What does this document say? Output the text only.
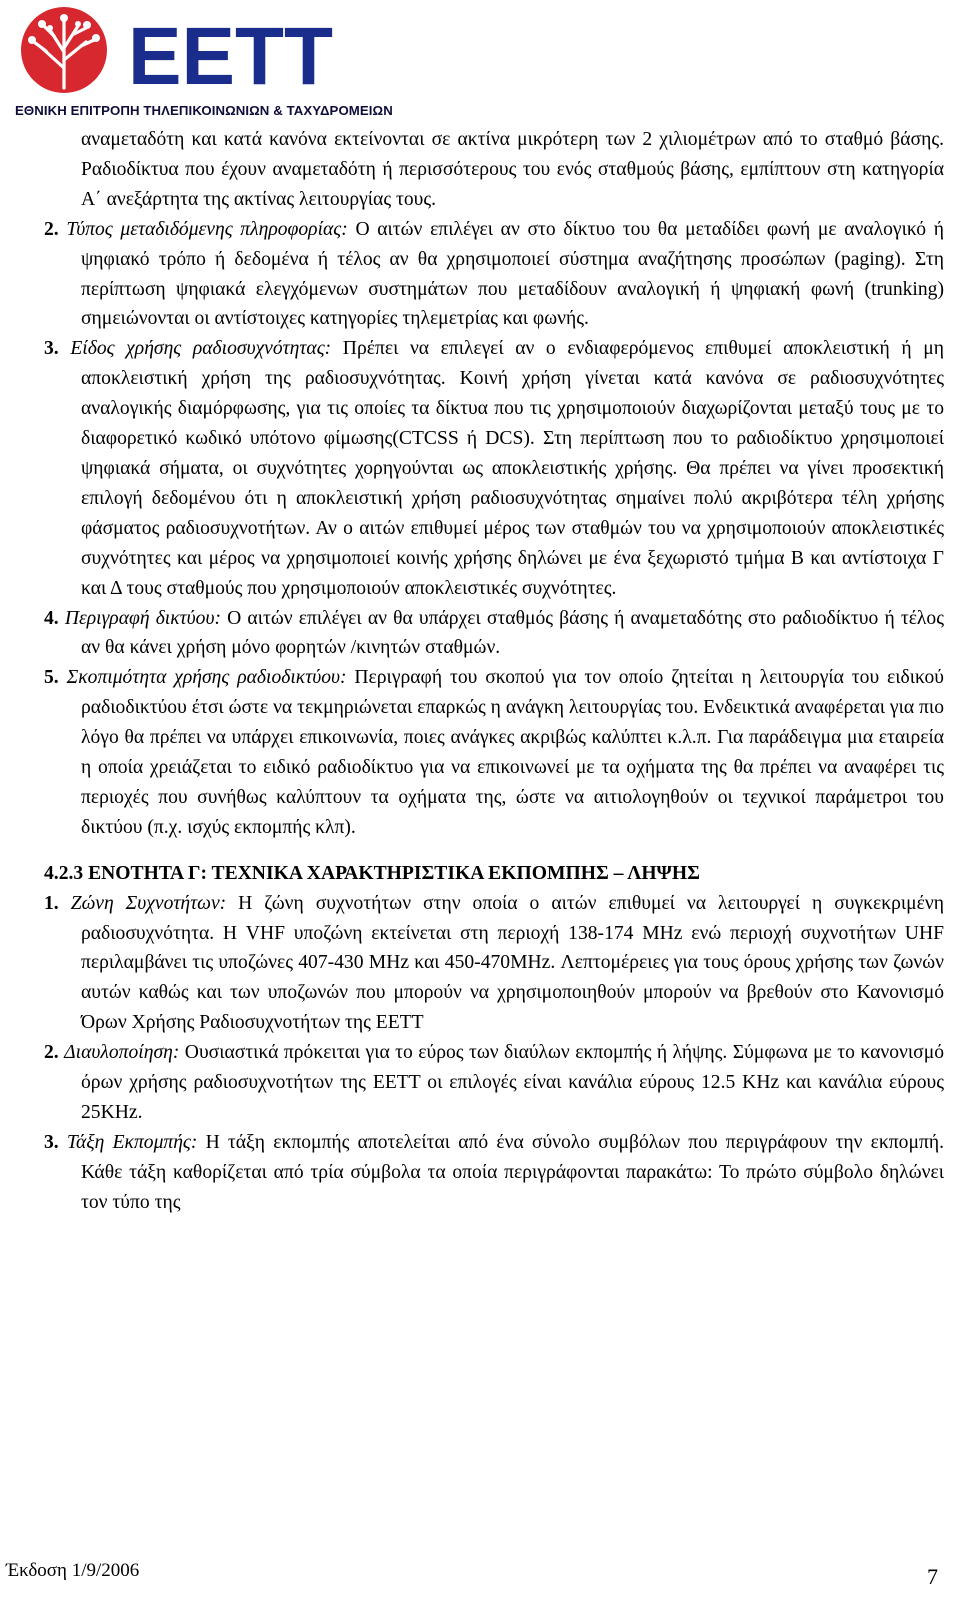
ΕΕΤΤ
ΕΘΝΙΚΗ ΕΠΙΤΡΟΠΗ ΤΗΛΕΠΙΚΟΙΝΩΝΙΩΝ & ΤΑΧΥΔΡΟΜΕΙΩΝ

αναμεταδότη και κατά κανόνα εκτείνονται σε ακτίνα μικρότερη των 2 χιλιομέτρων από το σταθμό βάσης. Ραδιοδίκτυα που έχουν αναμεταδότη ή περισσότερους του ενός σταθμούς βάσης, εμπίπτουν στη κατηγορία Α΄ ανεξάρτητα της ακτίνας λειτουργίας τους.

2. Τύπος μεταδιδόμενης πληροφορίας: Ο αιτών επιλέγει αν στο δίκτυο του θα μεταδίδει φωνή με αναλογικό ή ψηφιακό τρόπο ή δεδομένα ή τέλος αν θα χρησιμοποιεί σύστημα αναζήτησης προσώπων (paging). Στη περίπτωση ψηφιακά ελεγχόμενων συστημάτων που μεταδίδουν αναλογική ή ψηφιακή φωνή (trunking) σημειώνονται οι αντίστοιχες κατηγορίες τηλεμετρίας και φωνής.

3. Είδος χρήσης ραδιοσυχνότητας: Πρέπει να επιλεγεί αν ο ενδιαφερόμενος επιθυμεί αποκλειστική ή μη αποκλειστική χρήση της ραδιοσυχνότητας. Κοινή χρήση γίνεται κατά κανόνα σε ραδιοσυχνότητες αναλογικής διαμόρφωσης, για τις οποίες τα δίκτυα που τις χρησιμοποιούν διαχωρίζονται μεταξύ τους με το διαφορετικό κωδικό υπότονο φίμωσης(CTCSS ή DCS). Στη περίπτωση που το ραδιοδίκτυο χρησιμοποιεί ψηφιακά σήματα, οι συχνότητες χορηγούνται ως αποκλειστικής χρήσης. Θα πρέπει να γίνει προσεκτική επιλογή δεδομένου ότι η αποκλειστική χρήση ραδιοσυχνότητας σημαίνει πολύ ακριβότερα τέλη χρήσης φάσματος ραδιοσυχνοτήτων. Αν ο αιτών επιθυμεί μέρος των σταθμών του να χρησιμοποιούν αποκλειστικές συχνότητες και μέρος να χρησιμοποιεί κοινής χρήσης δηλώνει με ένα ξεχωριστό τμήμα Β και αντίστοιχα Γ και Δ τους σταθμούς που χρησιμοποιούν αποκλειστικές συχνότητες.

4. Περιγραφή δικτύου: Ο αιτών επιλέγει αν θα υπάρχει σταθμός βάσης ή αναμεταδότης στο ραδιοδίκτυο ή τέλος αν θα κάνει χρήση μόνο φορητών /κινητών σταθμών.

5. Σκοπιμότητα χρήσης ραδιοδικτύου: Περιγραφή του σκοπού για τον οποίο ζητείται η λειτουργία του ειδικού ραδιοδικτύου έτσι ώστε να τεκμηριώνεται επαρκώς η ανάγκη λειτουργίας του. Ενδεικτικά αναφέρεται για πιο λόγο θα πρέπει να υπάρχει επικοινωνία, ποιες ανάγκες ακριβώς καλύπτει κ.λ.π. Για παράδειγμα μια εταιρεία η οποία χρειάζεται το ειδικό ραδιοδίκτυο για να επικοινωνεί με τα οχήματα της θα πρέπει να αναφέρει τις περιοχές που συνήθως καλύπτουν τα οχήματα της, ώστε να αιτιολογηθούν οι τεχνικοί παράμετροι του δικτύου (π.χ. ισχύς εκπομπής κλπ).

4.2.3 ΕΝΟΤΗΤΑ Γ: ΤΕΧΝΙΚΑ ΧΑΡΑΚΤΗΡΙΣΤΙΚΑ ΕΚΠΟΜΠΗΣ – ΛΗΨΗΣ

1. Ζώνη Συχνοτήτων: Η ζώνη συχνοτήτων στην οποία ο αιτών επιθυμεί να λειτουργεί η συγκεκριμένη ραδιοσυχνότητα. Η VHF υποζώνη εκτείνεται στη περιοχή 138-174 MHz ενώ περιοχή συχνοτήτων UHF περιλαμβάνει τις υποζώνες 407-430 MHz και 450-470MHz. Λεπτομέρειες για τους όρους χρήσης των ζωνών αυτών καθώς και των υποζωνών που μπορούν να χρησιμοποιηθούν μπορούν να βρεθούν στο Κανονισμό Όρων Χρήσης Ραδιοσυχνοτήτων της ΕΕΤΤ

2. Διαυλοποίηση: Ουσιαστικά πρόκειται για το εύρος των διαύλων εκπομπής ή λήψης. Σύμφωνα με το κανονισμό όρων χρήσης ραδιοσυχνοτήτων της ΕΕΤΤ οι επιλογές είναι κανάλια εύρους 12.5 KHz και κανάλια εύρους 25KHz.

3. Τάξη Εκπομπής: Η τάξη εκπομπής αποτελείται από ένα σύνολο συμβόλων που περιγράφουν την εκπομπή. Κάθε τάξη καθορίζεται από τρία σύμβολα τα οποία περιγράφονται παρακάτω: Το πρώτο σύμβολο δηλώνει τον τύπο της

Έκδοση 1/9/2006	7
